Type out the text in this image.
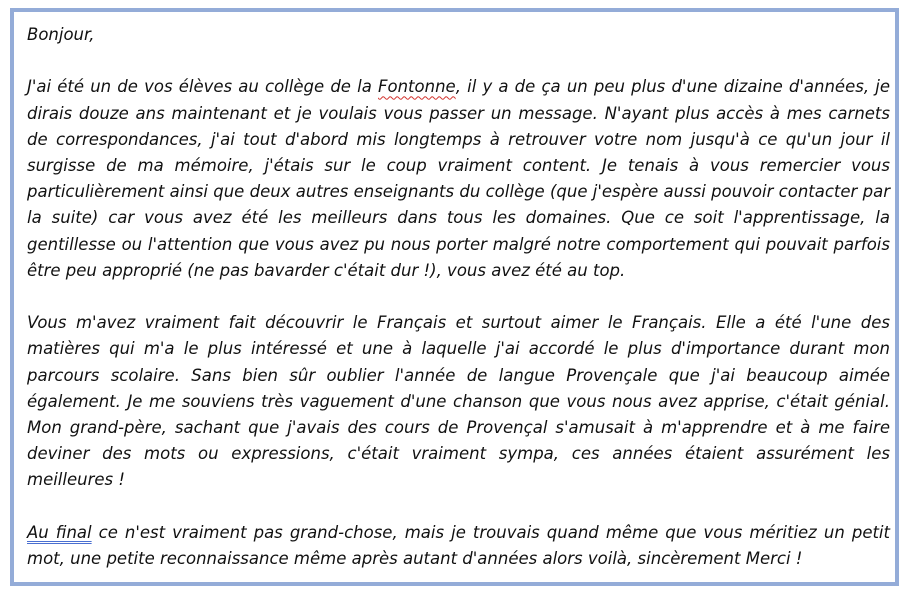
Bonjour,

J'ai été un de vos élèves au collège de la Fontonne, il y a de ça un peu plus d'une dizaine d'années, je dirais douze ans maintenant et je voulais vous passer un message. N'ayant plus accès à mes carnets de correspondances, j'ai tout d'abord mis longtemps à retrouver votre nom jusqu'à ce qu'un jour il surgisse de ma mémoire, j'étais sur le coup vraiment content. Je tenais à vous remercier vous particulièrement ainsi que deux autres enseignants du collège (que j'espère aussi pouvoir contacter par la suite) car vous avez été les meilleurs dans tous les domaines. Que ce soit l'apprentissage, la gentillesse ou l'attention que vous avez pu nous porter malgré notre comportement qui pouvait parfois être peu approprié (ne pas bavarder c'était dur !), vous avez été au top.

Vous m'avez vraiment fait découvrir le Français et surtout aimer le Français. Elle a été l'une des matières qui m'a le plus intéressé et une à laquelle j'ai accordé le plus d'importance durant mon parcours scolaire. Sans bien sûr oublier l'année de langue Provençale que j'ai beaucoup aimée également. Je me souviens très vaguement d'une chanson que vous nous avez apprise, c'était génial. Mon grand-père, sachant que j'avais des cours de Provençal s'amusait à m'apprendre et à me faire deviner des mots ou expressions, c'était vraiment sympa, ces années étaient assurément les meilleures !

Au final ce n'est vraiment pas grand-chose, mais je trouvais quand même que vous méritiez un petit mot, une petite reconnaissance même après autant d'années alors voilà, sincèrement Merci !
